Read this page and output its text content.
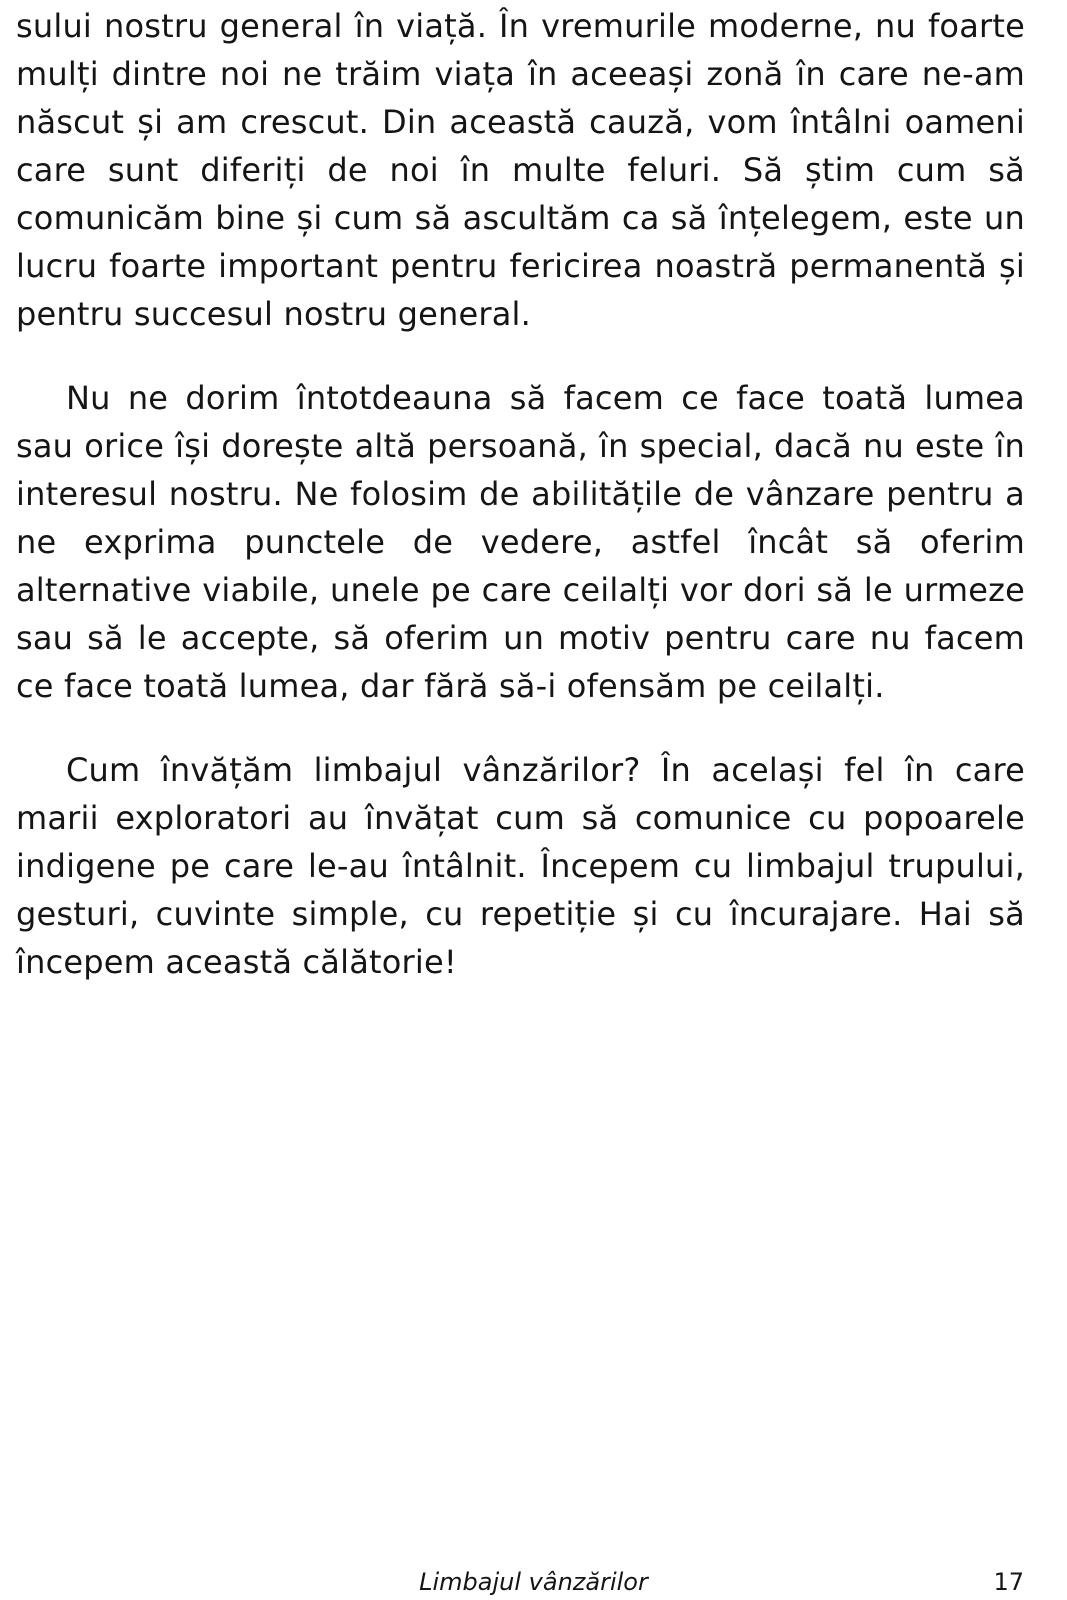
sului nostru general în viață. În vremurile moderne, nu foarte mulți dintre noi ne trăim viața în aceeași zonă în care ne-am născut și am crescut. Din această cauză, vom întâlni oameni care sunt diferiți de noi în multe feluri. Să știm cum să comunicăm bine și cum să ascultăm ca să înțelegem, este un lucru foarte important pentru fericirea noastră permanentă și pentru succesul nostru general.

Nu ne dorim întotdeauna să facem ce face toată lumea sau orice își dorește altă persoană, în special, dacă nu este în interesul nostru. Ne folosim de abilitățile de vânzare pentru a ne exprima punctele de vedere, astfel încât să oferim alternative viabile, unele pe care ceilalți vor dori să le urmeze sau să le accepte, să oferim un motiv pentru care nu facem ce face toată lumea, dar fără să-i ofensăm pe ceilalți.

Cum învățăm limbajul vânzărilor? În același fel în care marii exploratori au învățat cum să comunice cu popoarele indigene pe care le-au întâlnit. Începem cu limbajul trupului, gesturi, cuvinte simple, cu repetiție și cu încurajare. Hai să începem această călătorie!

Limbajul vânzărilor	17
